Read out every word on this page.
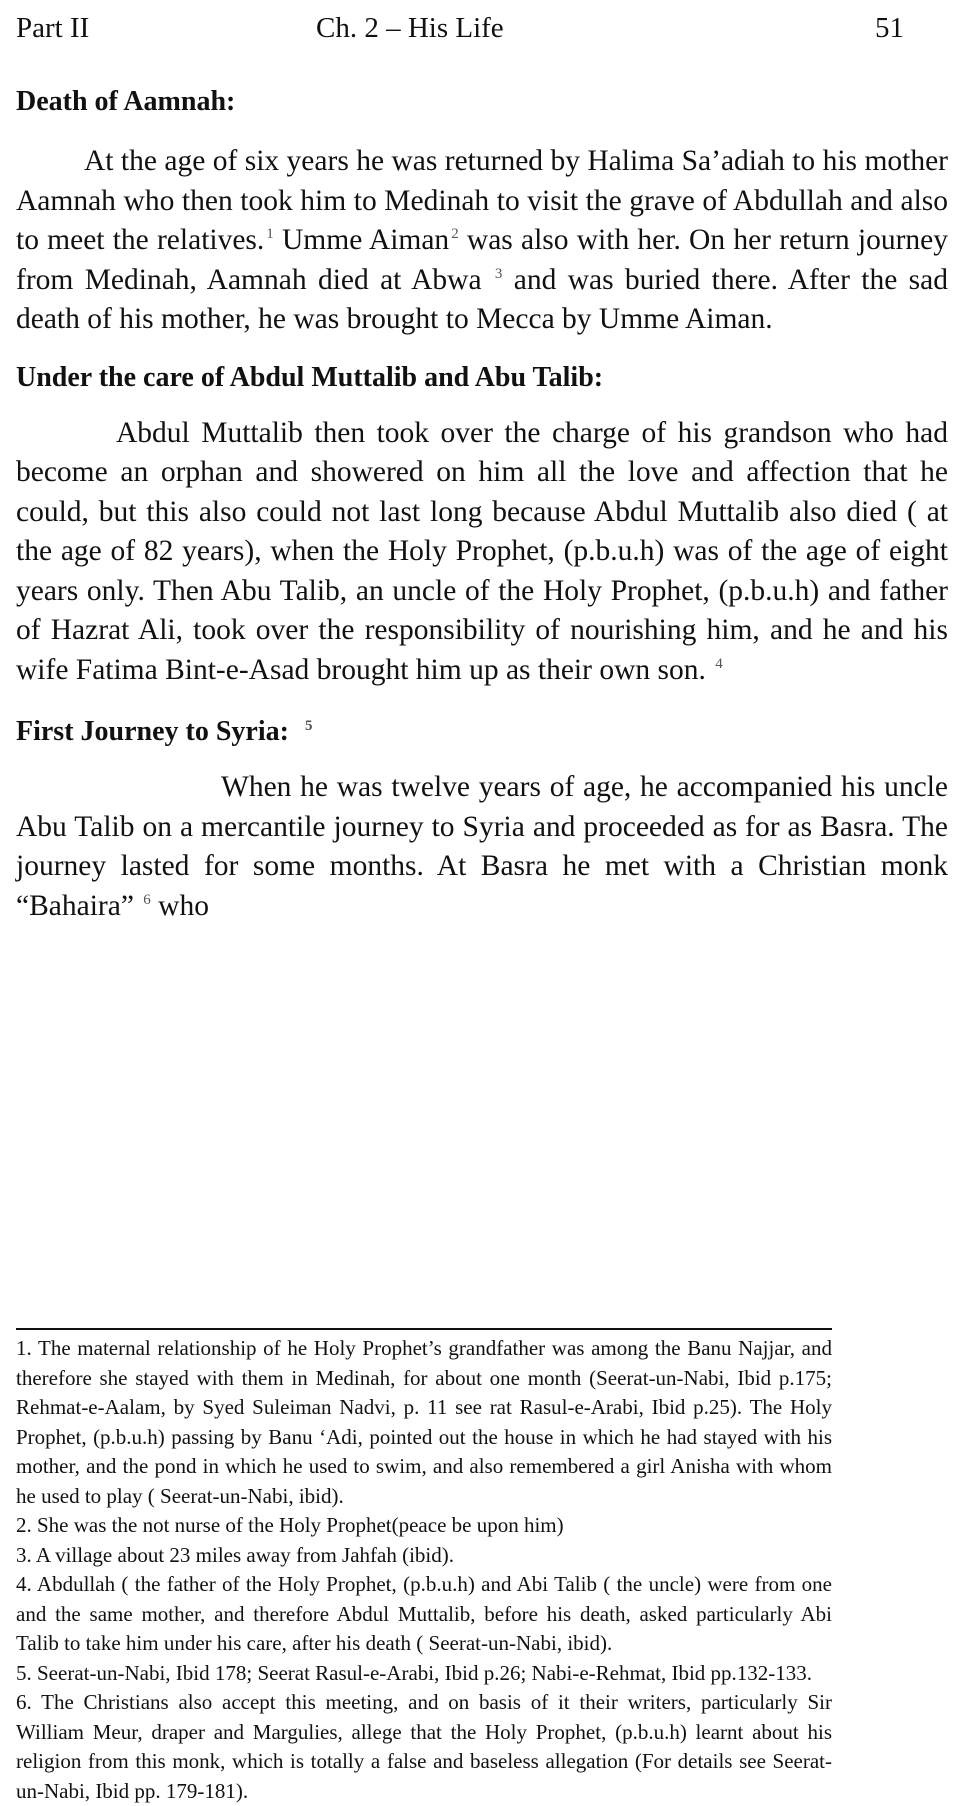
Part II	Ch. 2 – His Life	51
Death of Aamnah:

At the age of six years he was returned by Halima Sa’adiah to his mother Aamnah who then took him to Medinah to visit the grave of Abdullah and also to meet the relatives. $^1$ Umme Aiman $^2$ was also with her. On her return journey from Medinah, Aamnah died at Abwa $^3$ and was buried there. After the sad death of his mother, he was brought to Mecca by Umme Aiman.

Under the care of Abdul Muttalib and Abu Talib:

Abdul Muttalib then took over the charge of his grandson who had become an orphan and showered on him all the love and affection that he could, but this also could not last long because Abdul Muttalib also died ( at the age of 82 years), when the Holy Prophet, (p.b.u.h) was of the age of eight years only. Then Abu Talib, an uncle of the Holy Prophet, (p.b.u.h) and father of Hazrat Ali, took over the responsibility of nourishing him, and he and his wife Fatima Bint-e-Asad brought him up as their own son. $^4$

First Journey to Syria: $^5$

When he was twelve years of age, he accompanied his uncle Abu Talib on a mercantile journey to Syria and proceeded as for as Basra. The journey lasted for some months. At Basra he met with a Christian monk “Bahaira” $^6$ who

1. The maternal relationship of he Holy Prophet’s grandfather was among the Banu Najjar, and therefore she stayed with them in Medinah, for about one month (Seerat-un-Nabi, Ibid p.175; Rehmat-e-Aalam, by Syed Suleiman Nadvi, p. 11 see rat Rasul-e-Arabi, Ibid p.25). The Holy Prophet, (p.b.u.h) passing by Banu ‘Adi, pointed out the house in which he had stayed with his mother, and the pond in which he used to swim, and also remembered a girl Anisha with whom he used to play ( Seerat-un-Nabi, ibid).

2. She was the not nurse of the Holy Prophet(peace be upon him)

3. A village about 23 miles away from Jahfah (ibid).

4. Abdullah ( the father of the Holy Prophet, (p.b.u.h) and Abi Talib ( the uncle) were from one and the same mother, and therefore Abdul Muttalib, before his death, asked particularly Abi Talib to take him under his care, after his death ( Seerat-un-Nabi, ibid).

5. Seerat-un-Nabi, Ibid 178; Seerat Rasul-e-Arabi, Ibid p.26; Nabi-e-Rehmat, Ibid pp.132-133.

6. The Christians also accept this meeting, and on basis of it their writers, particularly Sir William Meur, draper and Margulies, allege that the Holy Prophet, (p.b.u.h) learnt about his religion from this monk, which is totally a false and baseless allegation (For details see Seerat-un-Nabi, Ibid pp. 179-181).
